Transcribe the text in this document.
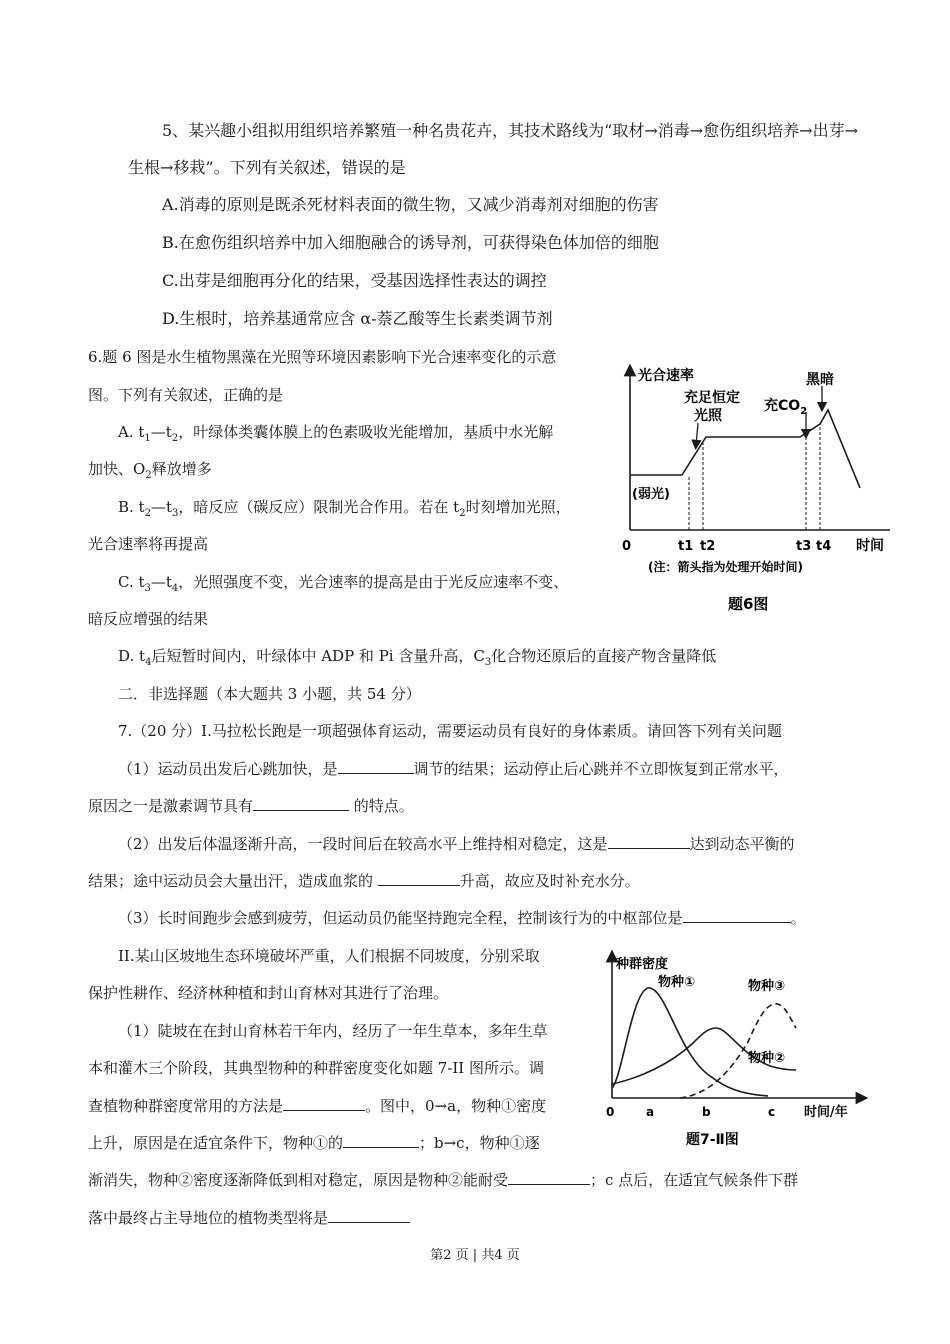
5、某兴趣小组拟用组织培养繁殖一种名贵花卉，其技术路线为“取材→消毒→愈伤组织培养→出芽→
生根→移栽”。下列有关叙述，错误的是
A.消毒的原则是既杀死材料表面的微生物，又减少消毒剂对细胞的伤害
B.在愈伤组织培养中加入细胞融合的诱导剂，可获得染色体加倍的细胞
C.出芽是细胞再分化的结果，受基因选择性表达的调控
D.生根时，培养基通常应含 α-萘乙酸等生长素类调节剂
6.题 6 图是水生植物黑藻在光照等环境因素影响下光合速率变化的示意
图。下列有关叙述，正确的是
A. $t_1—t_2$，叶绿体类囊体膜上的色素吸收光能增加，基质中水光解
加快、$O_2$释放增多
B. $t_2—t_3$，暗反应（碳反应）限制光合作用。若在 $t_2$时刻增加光照，
光合速率将再提高
C. $t_3—t_4$，光照强度不变，光合速率的提高是由于光反应速率不变、
暗反应增强的结果
D. $t_4$后短暂时间内，叶绿体中 ADP 和 Pi 含量升高，$C_3$化合物还原后的直接产物含量降低
光合速率	黑暗
充$CO_2$
充足恒定
光照
(弱光)
0	t1 t2	t3 t4 时间
(注：箭头指为处理开始时间)
题6图
二．非选择题（本大题共 3 小题，共 54 分）
7.（20 分）I.马拉松长跑是一项超强体育运动，需要运动员有良好的身体素质。请回答下列有关问题
（1）运动员出发后心跳加快，是	调节的结果；运动停止后心跳并不立即恢复到正常水平，
原因之一是激素调节具有	的特点。
（2）出发后体温逐渐升高，一段时间后在较高水平上维持相对稳定，这是	达到动态平衡的
结果；途中运动员会大量出汗，造成血浆的	升高，故应及时补充水分。
（3）长时间跑步会感到疲劳，但运动员仍能坚持跑完全程，控制该行为的中枢部位是	。
II.某山区坡地生态环境破坏严重，人们根据不同坡度，分别采取
保护性耕作、经济林种植和封山育林对其进行了治理。
（1）陡坡在在封山育林若干年内，经历了一年生草本，多年生草
本和灌木三个阶段，其典型物种的种群密度变化如题 7-II 图所示。调
查植物种群密度常用的方法是	。图中，0→a，物种①密度
上升，原因是在适宜条件下，物种①的	；b→c，物种①逐
渐消失，物种②密度逐渐降低到相对稳定，原因是物种②能耐受	；c 点后，在适宜气候条件下群
落中最终占主导地位的植物类型将是
种群密度
物种①	物种③
物种②
0	a	b	c 时间/年
题7-Ⅱ图
第2 页 | 共4 页
